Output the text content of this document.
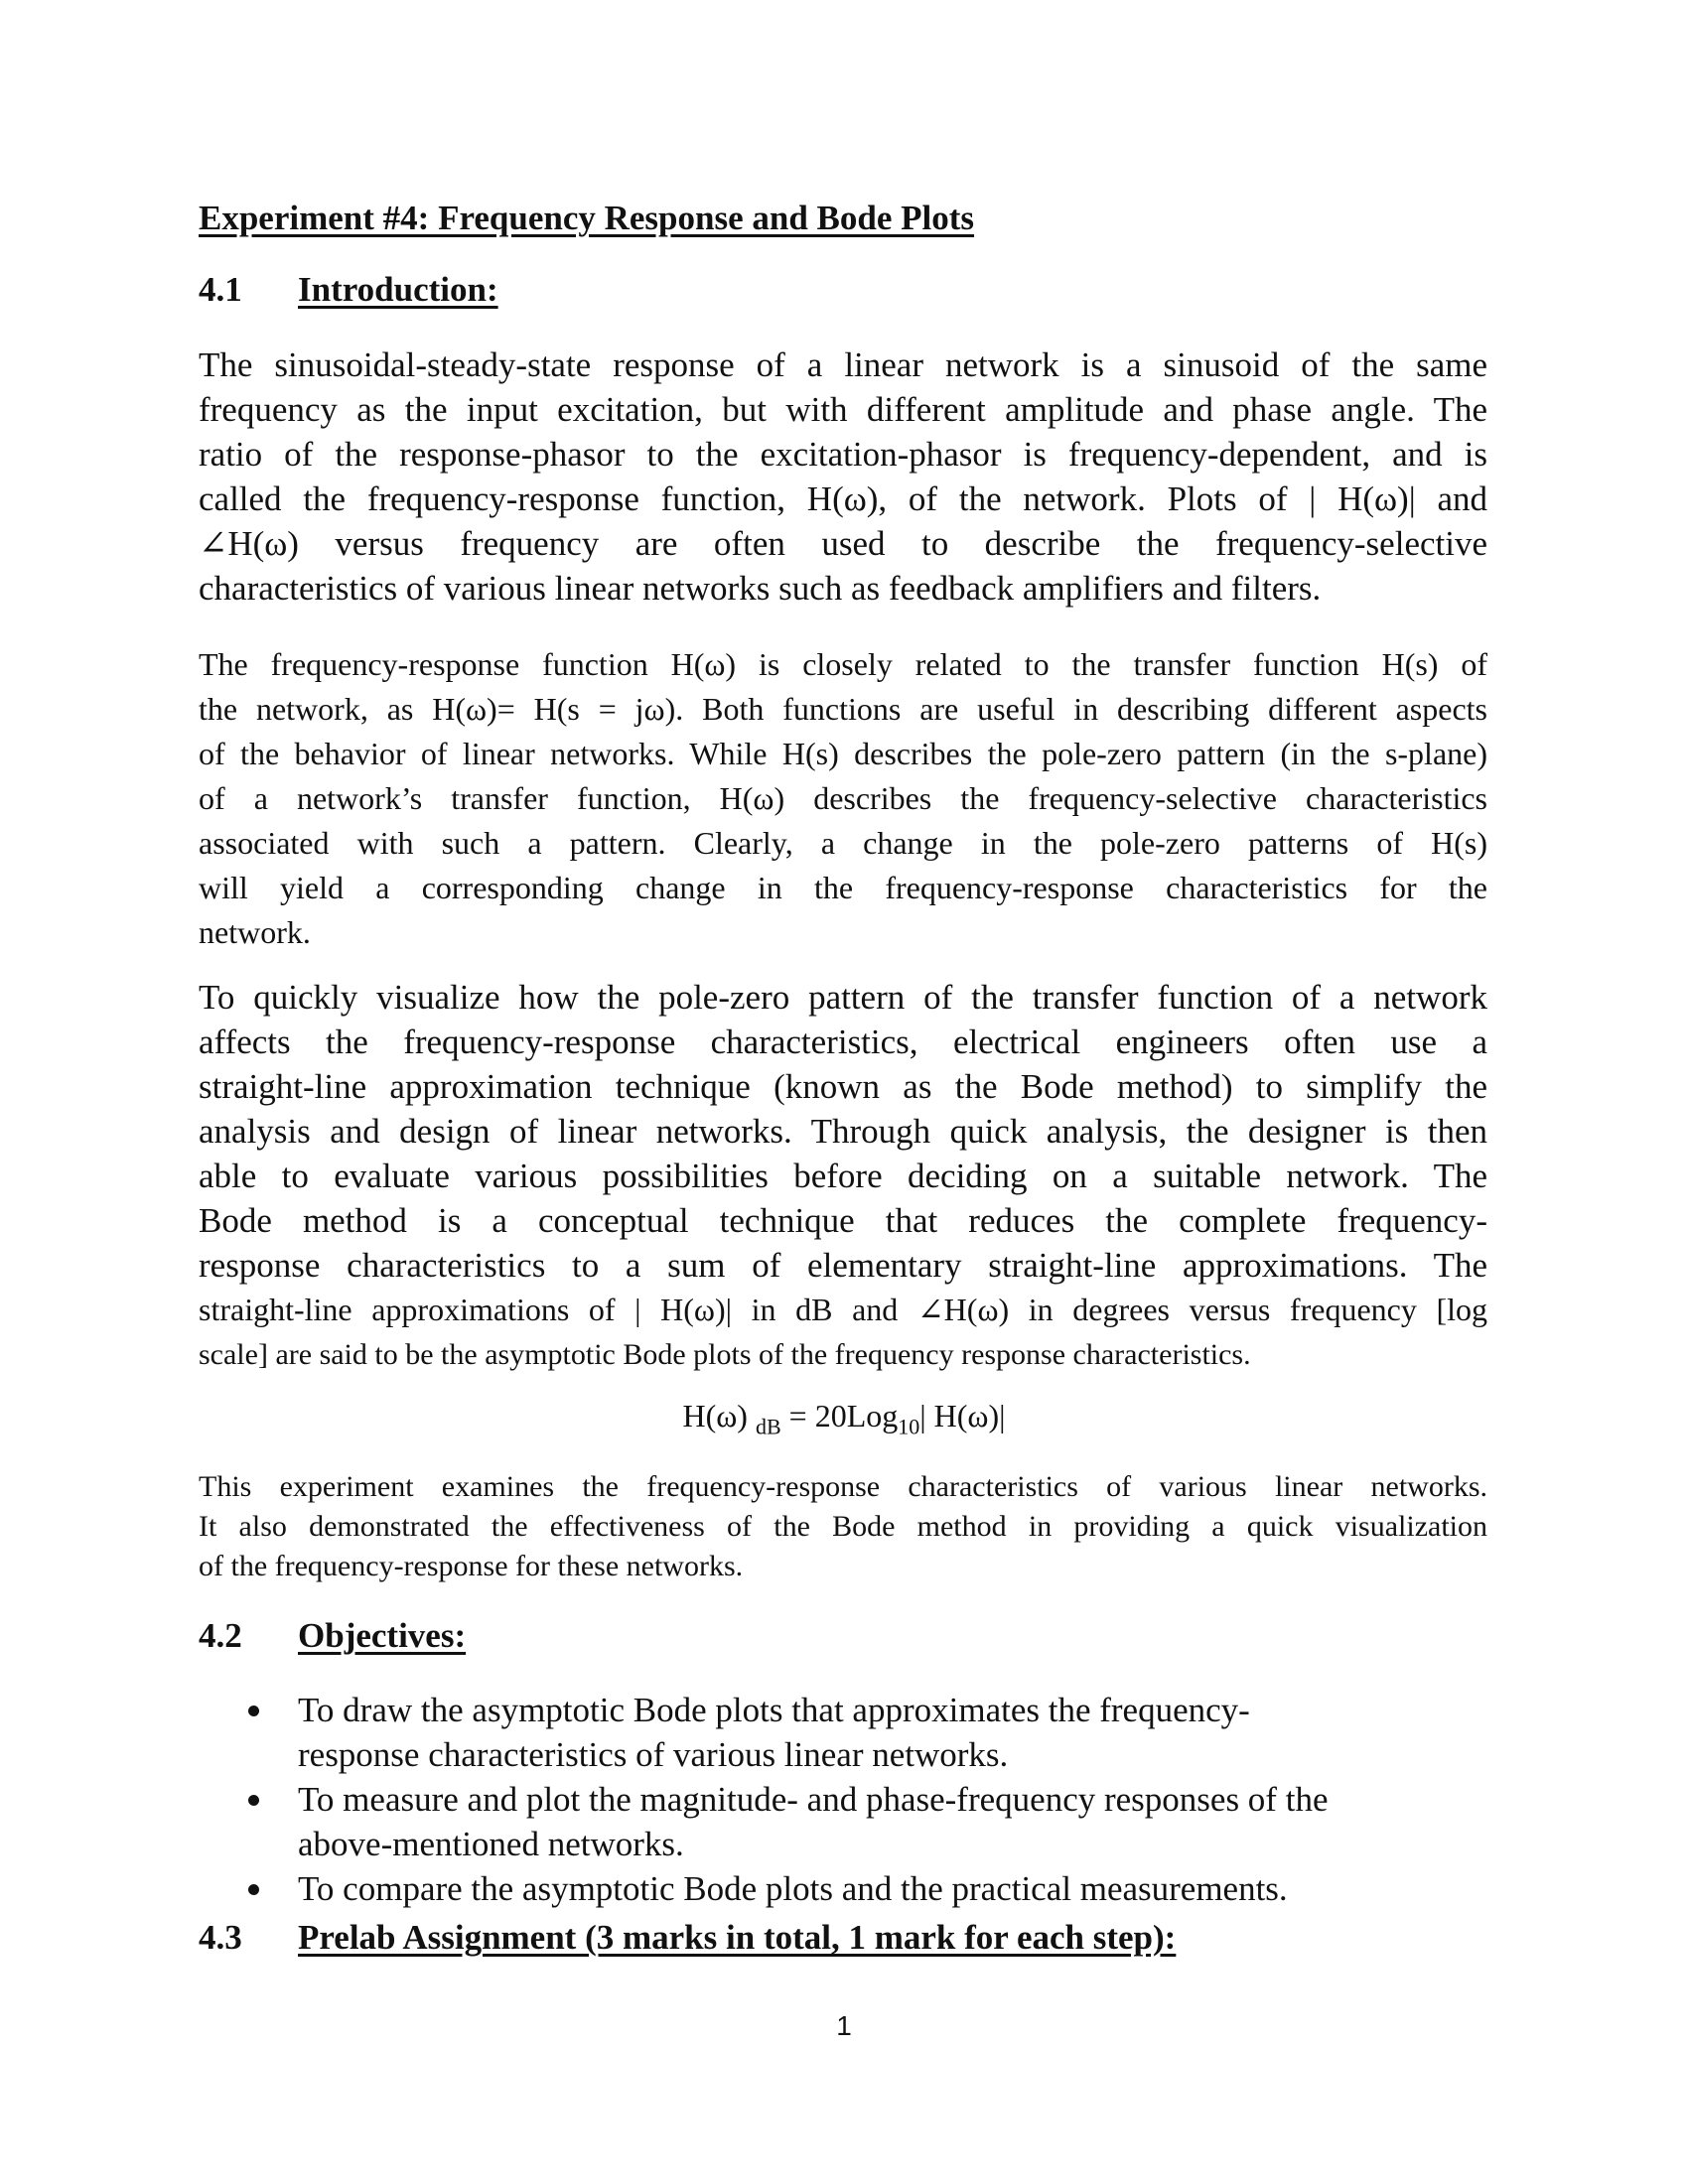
Experiment #4: Frequency Response and Bode Plots
4.1 Introduction:
The sinusoidal-steady-state response of a linear network is a sinusoid of the same
frequency as the input excitation, but with different amplitude and phase angle. The
ratio of the response-phasor to the excitation-phasor is frequency-dependent, and is
called the frequency-response function, H(ω), of the network. Plots of | H(ω)| and
∠H(ω) versus frequency are often used to describe the frequency-selective
characteristics of various linear networks such as feedback amplifiers and filters.
The frequency-response function H(ω) is closely related to the transfer function H(s) of
the network, as H(ω)= H(s = jω). Both functions are useful in describing different aspects
of the behavior of linear networks. While H(s) describes the pole-zero pattern (in the s-plane)
of a network’s transfer function, H(ω) describes the frequency-selective characteristics
associated with such a pattern. Clearly, a change in the pole-zero patterns of H(s)
will yield a corresponding change in the frequency-response characteristics for the
network.
To quickly visualize how the pole-zero pattern of the transfer function of a network
affects the frequency-response characteristics, electrical engineers often use a
straight-line approximation technique (known as the Bode method) to simplify the
analysis and design of linear networks. Through quick analysis, the designer is then
able to evaluate various possibilities before deciding on a suitable network. The
Bode method is a conceptual technique that reduces the complete frequency-
response characteristics to a sum of elementary straight-line approximations. The
straight-line approximations of | H(ω)| in dB and ∠H(ω) in degrees versus frequency [log
scale] are said to be the asymptotic Bode plots of the frequency response characteristics.
H(ω) $_{dB}$ = 20Log$_{10}$| H(ω)|
This experiment examines the frequency-response characteristics of various linear networks.
It also demonstrated the effectiveness of the Bode method in providing a quick visualization
of the frequency-response for these networks.
4.2 Objectives:
To draw the asymptotic Bode plots that approximates the frequency-
response characteristics of various linear networks.
To measure and plot the magnitude- and phase-frequency responses of the
above-mentioned networks.
To compare the asymptotic Bode plots and the practical measurements.
4.3 Prelab Assignment (3 marks in total, 1 mark for each step):
1
